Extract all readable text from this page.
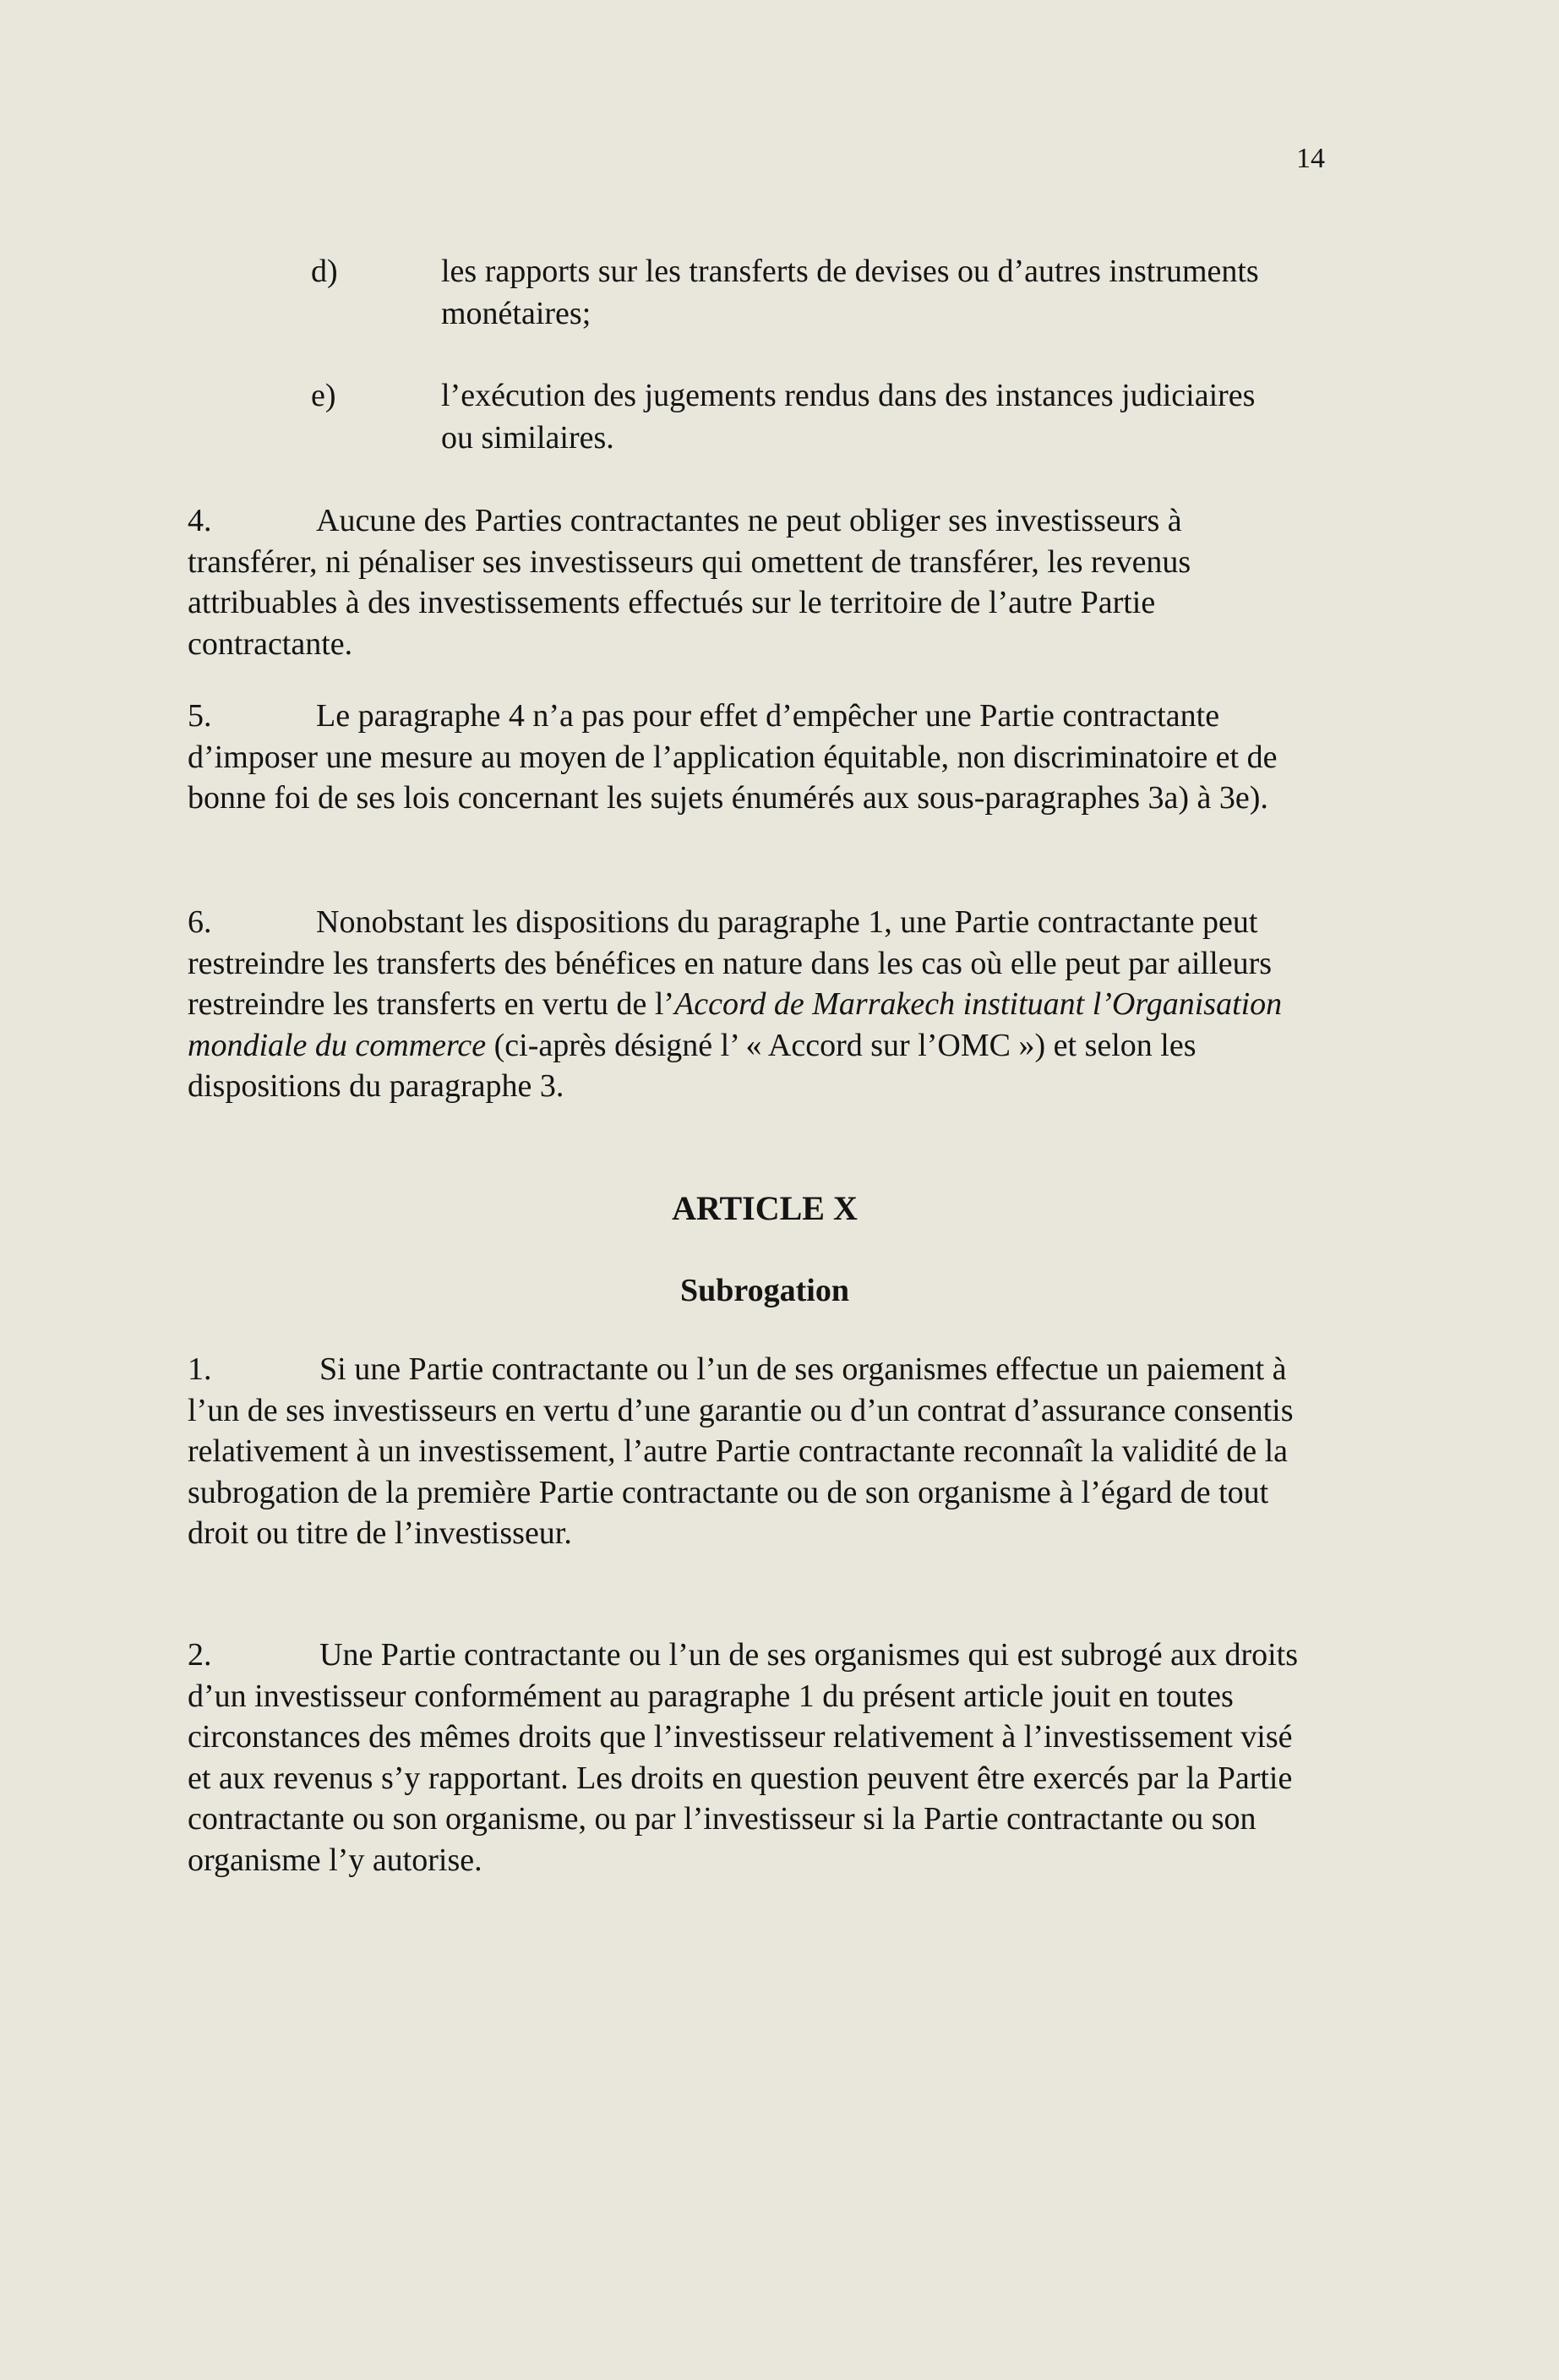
14
d)	les rapports sur les transferts de devises ou d’autres instruments monétaires;
e)	l’exécution des jugements rendus dans des instances judiciaires ou similaires.
4.	Aucune des Parties contractantes ne peut obliger ses investisseurs à transférer, ni pénaliser ses investisseurs qui omettent de transférer, les revenus attribuables à des investissements effectués sur le territoire de l’autre Partie contractante.
5.	Le paragraphe 4 n’a pas pour effet d’empêcher une Partie contractante d’imposer une mesure au moyen de l’application équitable, non discriminatoire et de bonne foi de ses lois concernant les sujets énumérés aux sous-paragraphes 3a) à 3e).
6.	Nonobstant les dispositions du paragraphe 1, une Partie contractante peut restreindre les transferts des bénéfices en nature dans les cas où elle peut par ailleurs restreindre les transferts en vertu de l’Accord de Marrakech instituant l’Organisation mondiale du commerce (ci-après désigné l’ « Accord sur l’OMC ») et selon les dispositions du paragraphe 3.
ARTICLE X
Subrogation
1.	Si une Partie contractante ou l’un de ses organismes effectue un paiement à l’un de ses investisseurs en vertu d’une garantie ou d’un contrat d’assurance consentis relativement à un investissement, l’autre Partie contractante reconnaît la validité de la subrogation de la première Partie contractante ou de son organisme à l’égard de tout droit ou titre de l’investisseur.
2.	Une Partie contractante ou l’un de ses organismes qui est subrogé aux droits d’un investisseur conformément au paragraphe 1 du présent article jouit en toutes circonstances des mêmes droits que l’investisseur relativement à l’investissement visé et aux revenus s’y rapportant. Les droits en question peuvent être exercés par la Partie contractante ou son organisme, ou par l’investisseur si la Partie contractante ou son organisme l’y autorise.
